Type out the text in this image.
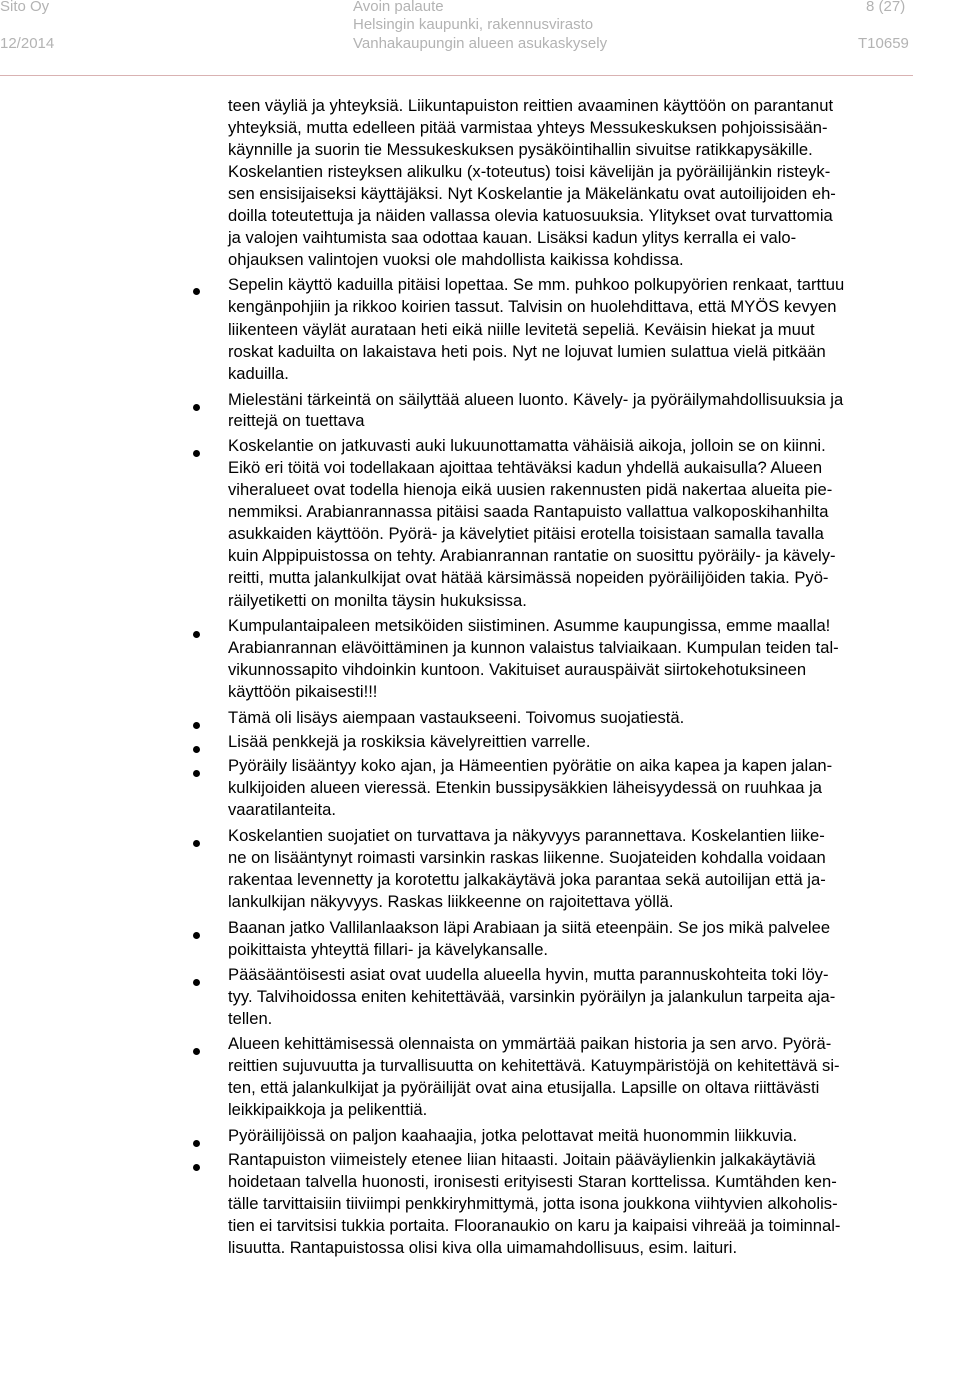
Sito Oy
12/2014
Avoin palaute
Helsingin kaupunki, rakennusvirasto
Vanhakaupungin alueen asukaskysely
8 (27)
T10659
teen väyliä ja yhteyksiä. Liikuntapuiston reittien avaaminen käyttöön on parantanut
yhteyksiä, mutta edelleen pitää varmistaa yhteys Messukeskuksen pohjoissisään-
käynnille ja suorin tie Messukeskuksen pysäköintihallin sivuitse ratikkapysäkille.
Koskelantien risteyksen alikulku (x-toteutus) toisi kävelijän ja pyöräilijänkin risteyk-
sen ensisijaiseksi käyttäjäksi. Nyt Koskelantie ja Mäkelänkatu ovat autoilijoiden eh-
doilla toteutettuja ja näiden vallassa olevia katuosuuksia. Ylitykset ovat turvattomia
ja valojen vaihtumista saa odottaa kauan. Lisäksi kadun ylitys kerralla ei valo-
ohjauksen valintojen vuoksi ole mahdollista kaikissa kohdissa.
Sepelin käyttö kaduilla pitäisi lopettaa. Se mm. puhkoo polkupyörien renkaat, tarttuu
kengänpohjiin ja rikkoo koirien tassut. Talvisin on huolehdittava, että MYÖS kevyen
liikenteen väylät aurataan heti eikä niille levitetä sepeliä. Keväisin hiekat ja muut
roskat kaduilta on lakaistava heti pois. Nyt ne lojuvat lumien sulattua vielä pitkään
kaduilla.
Mielestäni tärkeintä on säilyttää alueen luonto. Kävely- ja pyöräilymahdollisuuksia ja
reittejä on tuettava
Koskelantie on jatkuvasti auki lukuunottamatta vähäisiä aikoja, jolloin se on kiinni.
Eikö eri töitä voi todellakaan ajoittaa tehtäväksi kadun yhdellä aukaisulla? Alueen
viheralueet ovat todella hienoja eikä uusien rakennusten pidä nakertaa alueita pie-
nemmiksi. Arabianrannassa pitäisi saada Rantapuisto vallattua valkoposkihanhilta
asukkaiden käyttöön. Pyörä- ja kävelytiet pitäisi erotella toisistaan samalla tavalla
kuin Alppipuistossa on tehty. Arabianrannan rantatie on suosittu pyöräily- ja kävely-
reitti, mutta jalankulkijat ovat hätää kärsimässä nopeiden pyöräilijöiden takia. Pyö-
räilyetiketti on monilta täysin hukuksissa.
Kumpulantaipaleen metsiköiden siistiminen. Asumme kaupungissa, emme maalla!
Arabianrannan elävöittäminen ja kunnon valaistus talviaikaan. Kumpulan teiden tal-
vikunnossapito vihdoinkin kuntoon. Vakituiset aurauspäivät siirtokehotuksineen
käyttöön pikaisesti!!!
Tämä oli lisäys aiempaan vastaukseeni. Toivomus suojatiestä.
Lisää penkkejä ja roskiksia kävelyreittien varrelle.
Pyöräily lisääntyy koko ajan, ja Hämeentien pyörätie on aika kapea ja kapen jalan-
kulkijoiden alueen vieressä. Etenkin bussipysäkkien läheisyydessä on ruuhkaa ja
vaaratilanteita.
Koskelantien suojatiet on turvattava ja näkyvyys parannettava. Koskelantien liike-
ne on lisääntynyt roimasti varsinkin raskas liikenne. Suojateiden kohdalla voidaan
rakentaa levennetty ja korotettu jalkakäytävä joka parantaa sekä autoilijan että ja-
lankulkijan näkyvyys. Raskas liikkeenne on rajoitettava yöllä.
Baanan jatko Vallilanlaakson läpi Arabiaan ja siitä eteenpäin. Se jos mikä palvelee
poikittaista yhteyttä fillari- ja kävelykansalle.
Pääsääntöisesti asiat ovat uudella alueella hyvin, mutta parannuskohteita toki löy-
tyy. Talvihoidossa eniten kehitettävää, varsinkin pyöräilyn ja jalankulun tarpeita aja-
tellen.
Alueen kehittämisessä olennaista on ymmärtää paikan historia ja sen arvo. Pyörä-
reittien sujuvuutta ja turvallisuutta on kehitettävä. Katuympäristöjä on kehitettävä si-
ten, että jalankulkijat ja pyöräilijät ovat aina etusijalla. Lapsille on oltava riittävästi
leikkipaikkoja ja pelikenttiä.
Pyöräilijöissä on paljon kaahaajia, jotka pelottavat meitä huonommin liikkuvia.
Rantapuiston viimeistely etenee liian hitaasti. Joitain pääväylienkin jalkakäytäviä
hoidetaan talvella huonosti, ironisesti erityisesti Staran korttelissa. Kumtähden ken-
tälle tarvittaisiin tiiviimpi penkkiryhmittymä, jotta isona joukkona viihtyvien alkoholis-
tien ei tarvitsisi tukkia portaita. Flooranaukio on karu ja kaipaisi vihreää ja toiminnal-
lisuutta. Rantapuistossa olisi kiva olla uimamahdollisuus, esim. laituri.
